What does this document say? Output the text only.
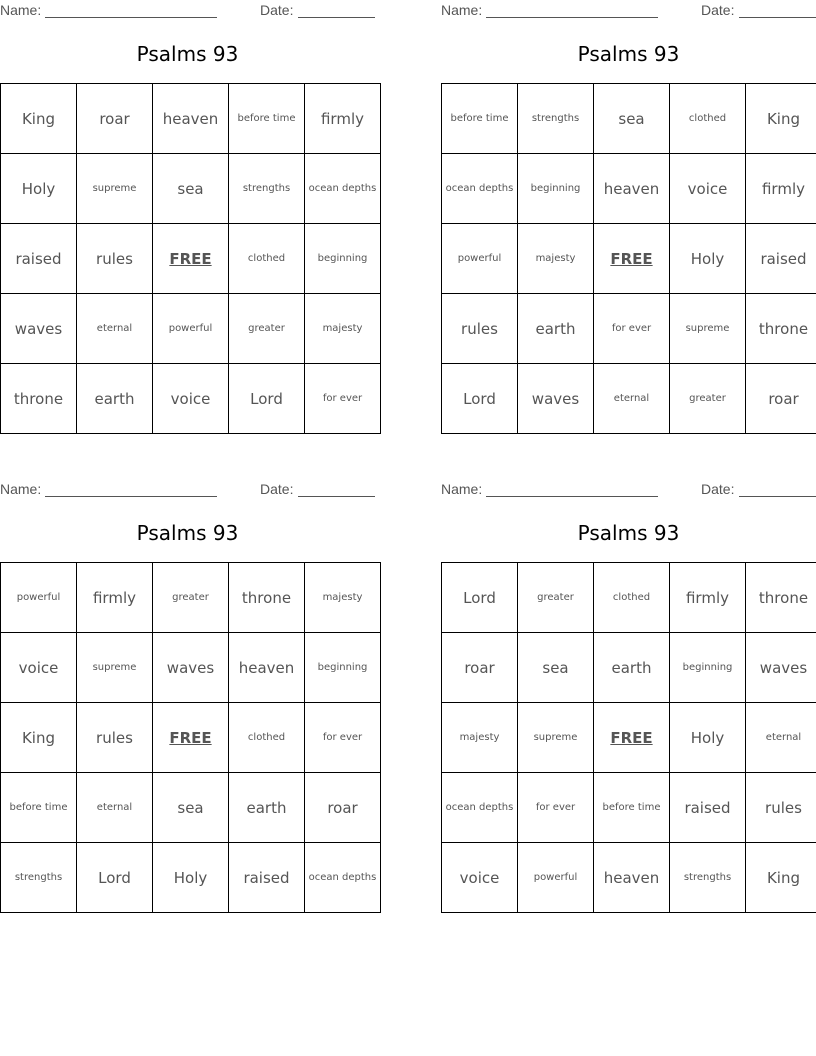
Name:	Date:
Psalms 93
King	roar	heaven	before time	firmly
Holy	supreme	sea	strengths	ocean depths
raised	rules	FREE	clothed	beginning
waves	eternal	powerful	greater	majesty
throne	earth	voice	Lord	for ever
Name:	Date:
Psalms 93
before time	strengths	sea	clothed	King
ocean depths	beginning	heaven	voice	firmly
powerful	majesty	FREE	Holy	raised
rules	earth	for ever	supreme	throne
Lord	waves	eternal	greater	roar
Name:	Date:
Psalms 93
powerful	firmly	greater	throne	majesty
voice	supreme	waves	heaven	beginning
King	rules	FREE	clothed	for ever
before time	eternal	sea	earth	roar
strengths	Lord	Holy	raised	ocean depths
Name:	Date:
Psalms 93
Lord	greater	clothed	firmly	throne
roar	sea	earth	beginning	waves
majesty	supreme	FREE	Holy	eternal
ocean depths	for ever	before time	raised	rules
voice	powerful	heaven	strengths	King
